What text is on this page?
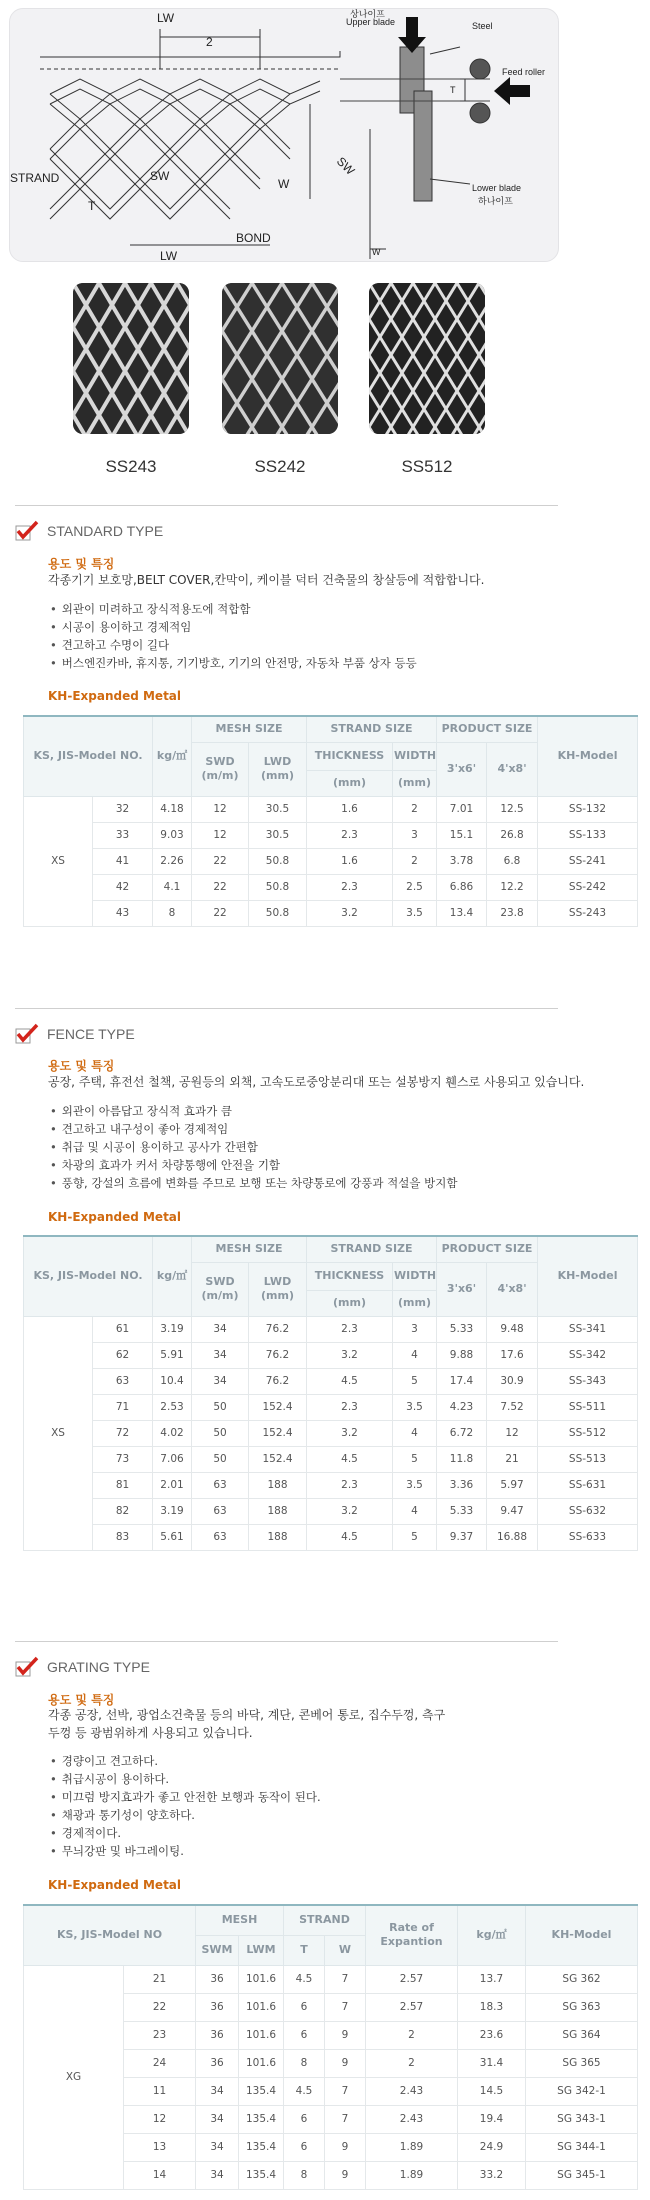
LW
2
상나이프
Upper blade	Steel
Feed roller
T
Lower blade
하나이프
STRAND	SW
W
T
BOND
SW
LW	W
SS243	SS242	SS512
STANDARD TYPE
용도 및 특징
각종기기 보호망,BELT COVER,칸막이, 케이블 덕터 건축물의 창살등에 적합합니다.
• 외관이 미려하고 장식적용도에 적합함
• 시공이 용이하고 경제적임
• 견고하고 수명이 길다
• 버스엔진카바, 휴지통, 기기방호, 기기의 안전망, 자동차 부품 상자 등등
KH-Expanded Metal
KS, JIS-Model NO.		kg/㎡	MESH SIZE		STRAND SIZE		PRODUCT SIZE		KH-Model
			SWD (m/m)	LWD (mm)	THICKNESS	WIDTH	3'x6'	4'x8'	
					(mm)	(mm)			
XS	32	4.18	12	30.5	1.6	2	7.01	12.5	SS-132
	33	9.03	12	30.5	2.3	3	15.1	26.8	SS-133
	41	2.26	22	50.8	1.6	2	3.78	6.8	SS-241
	42	4.1	22	50.8	2.3	2.5	6.86	12.2	SS-242
	43	8	22	50.8	3.2	3.5	13.4	23.8	SS-243
FENCE TYPE
용도 및 특징
공장, 주택, 휴전선 철책, 공원등의 외책, 고속도로중앙분리대 또는 설봉방지 휀스로 사용되고 있습니다.
• 외관이 아름답고 장식적 효과가 큼
• 견고하고 내구성이 좋아 경제적임
• 취급 및 시공이 용이하고 공사가 간편함
• 차광의 효과가 커서 차량통행에 안전을 기함
• 풍향, 강설의 흐름에 변화를 주므로 보행 또는 차량통로에 강풍과 적설을 방지함
KH-Expanded Metal
KS, JIS-Model NO.		kg/㎡	MESH SIZE		STRAND SIZE		PRODUCT SIZE		KH-Model
			SWD (m/m)	LWD (mm)	THICKNESS	WIDTH	3'x6'	4'x8'	
					(mm)	(mm)			
XS	61	3.19	34	76.2	2.3	3	5.33	9.48	SS-341
	62	5.91	34	76.2	3.2	4	9.88	17.6	SS-342
	63	10.4	34	76.2	4.5	5	17.4	30.9	SS-343
	71	2.53	50	152.4	2.3	3.5	4.23	7.52	SS-511
	72	4.02	50	152.4	3.2	4	6.72	12	SS-512
	73	7.06	50	152.4	4.5	5	11.8	21	SS-513
	81	2.01	63	188	2.3	3.5	3.36	5.97	SS-631
	82	3.19	63	188	3.2	4	5.33	9.47	SS-632
	83	5.61	63	188	4.5	5	9.37	16.88	SS-633
GRATING TYPE
용도 및 특징
각종 공장, 선박, 광업소건축물 등의 바닥, 계단, 콘베어 통로, 집수두껑, 측구두껑 등 광범위하게 사용되고 있습니다.
• 경량이고 견고하다.
• 취급시공이 용이하다.
• 미끄럼 방지효과가 좋고 안전한 보행과 동작이 된다.
• 채광과 통기성이 양호하다.
• 경제적이다.
• 무늬강판 및 바그레이팅.
KH-Expanded Metal
KS, JIS-Model NO		MESH		STRAND		Rate of Expantion	kg/㎡	KH-Model
		SWM	LWM	T	W			
XG	21	36	101.6	4.5	7	2.57	13.7	SG 362
	22	36	101.6	6	7	2.57	18.3	SG 363
	23	36	101.6	6	9	2	23.6	SG 364
	24	36	101.6	8	9	2	31.4	SG 365
	11	34	135.4	4.5	7	2.43	14.5	SG 342-1
	12	34	135.4	6	7	2.43	19.4	SG 343-1
	13	34	135.4	6	9	1.89	24.9	SG 344-1
	14	34	135.4	8	9	1.89	33.2	SG 345-1
